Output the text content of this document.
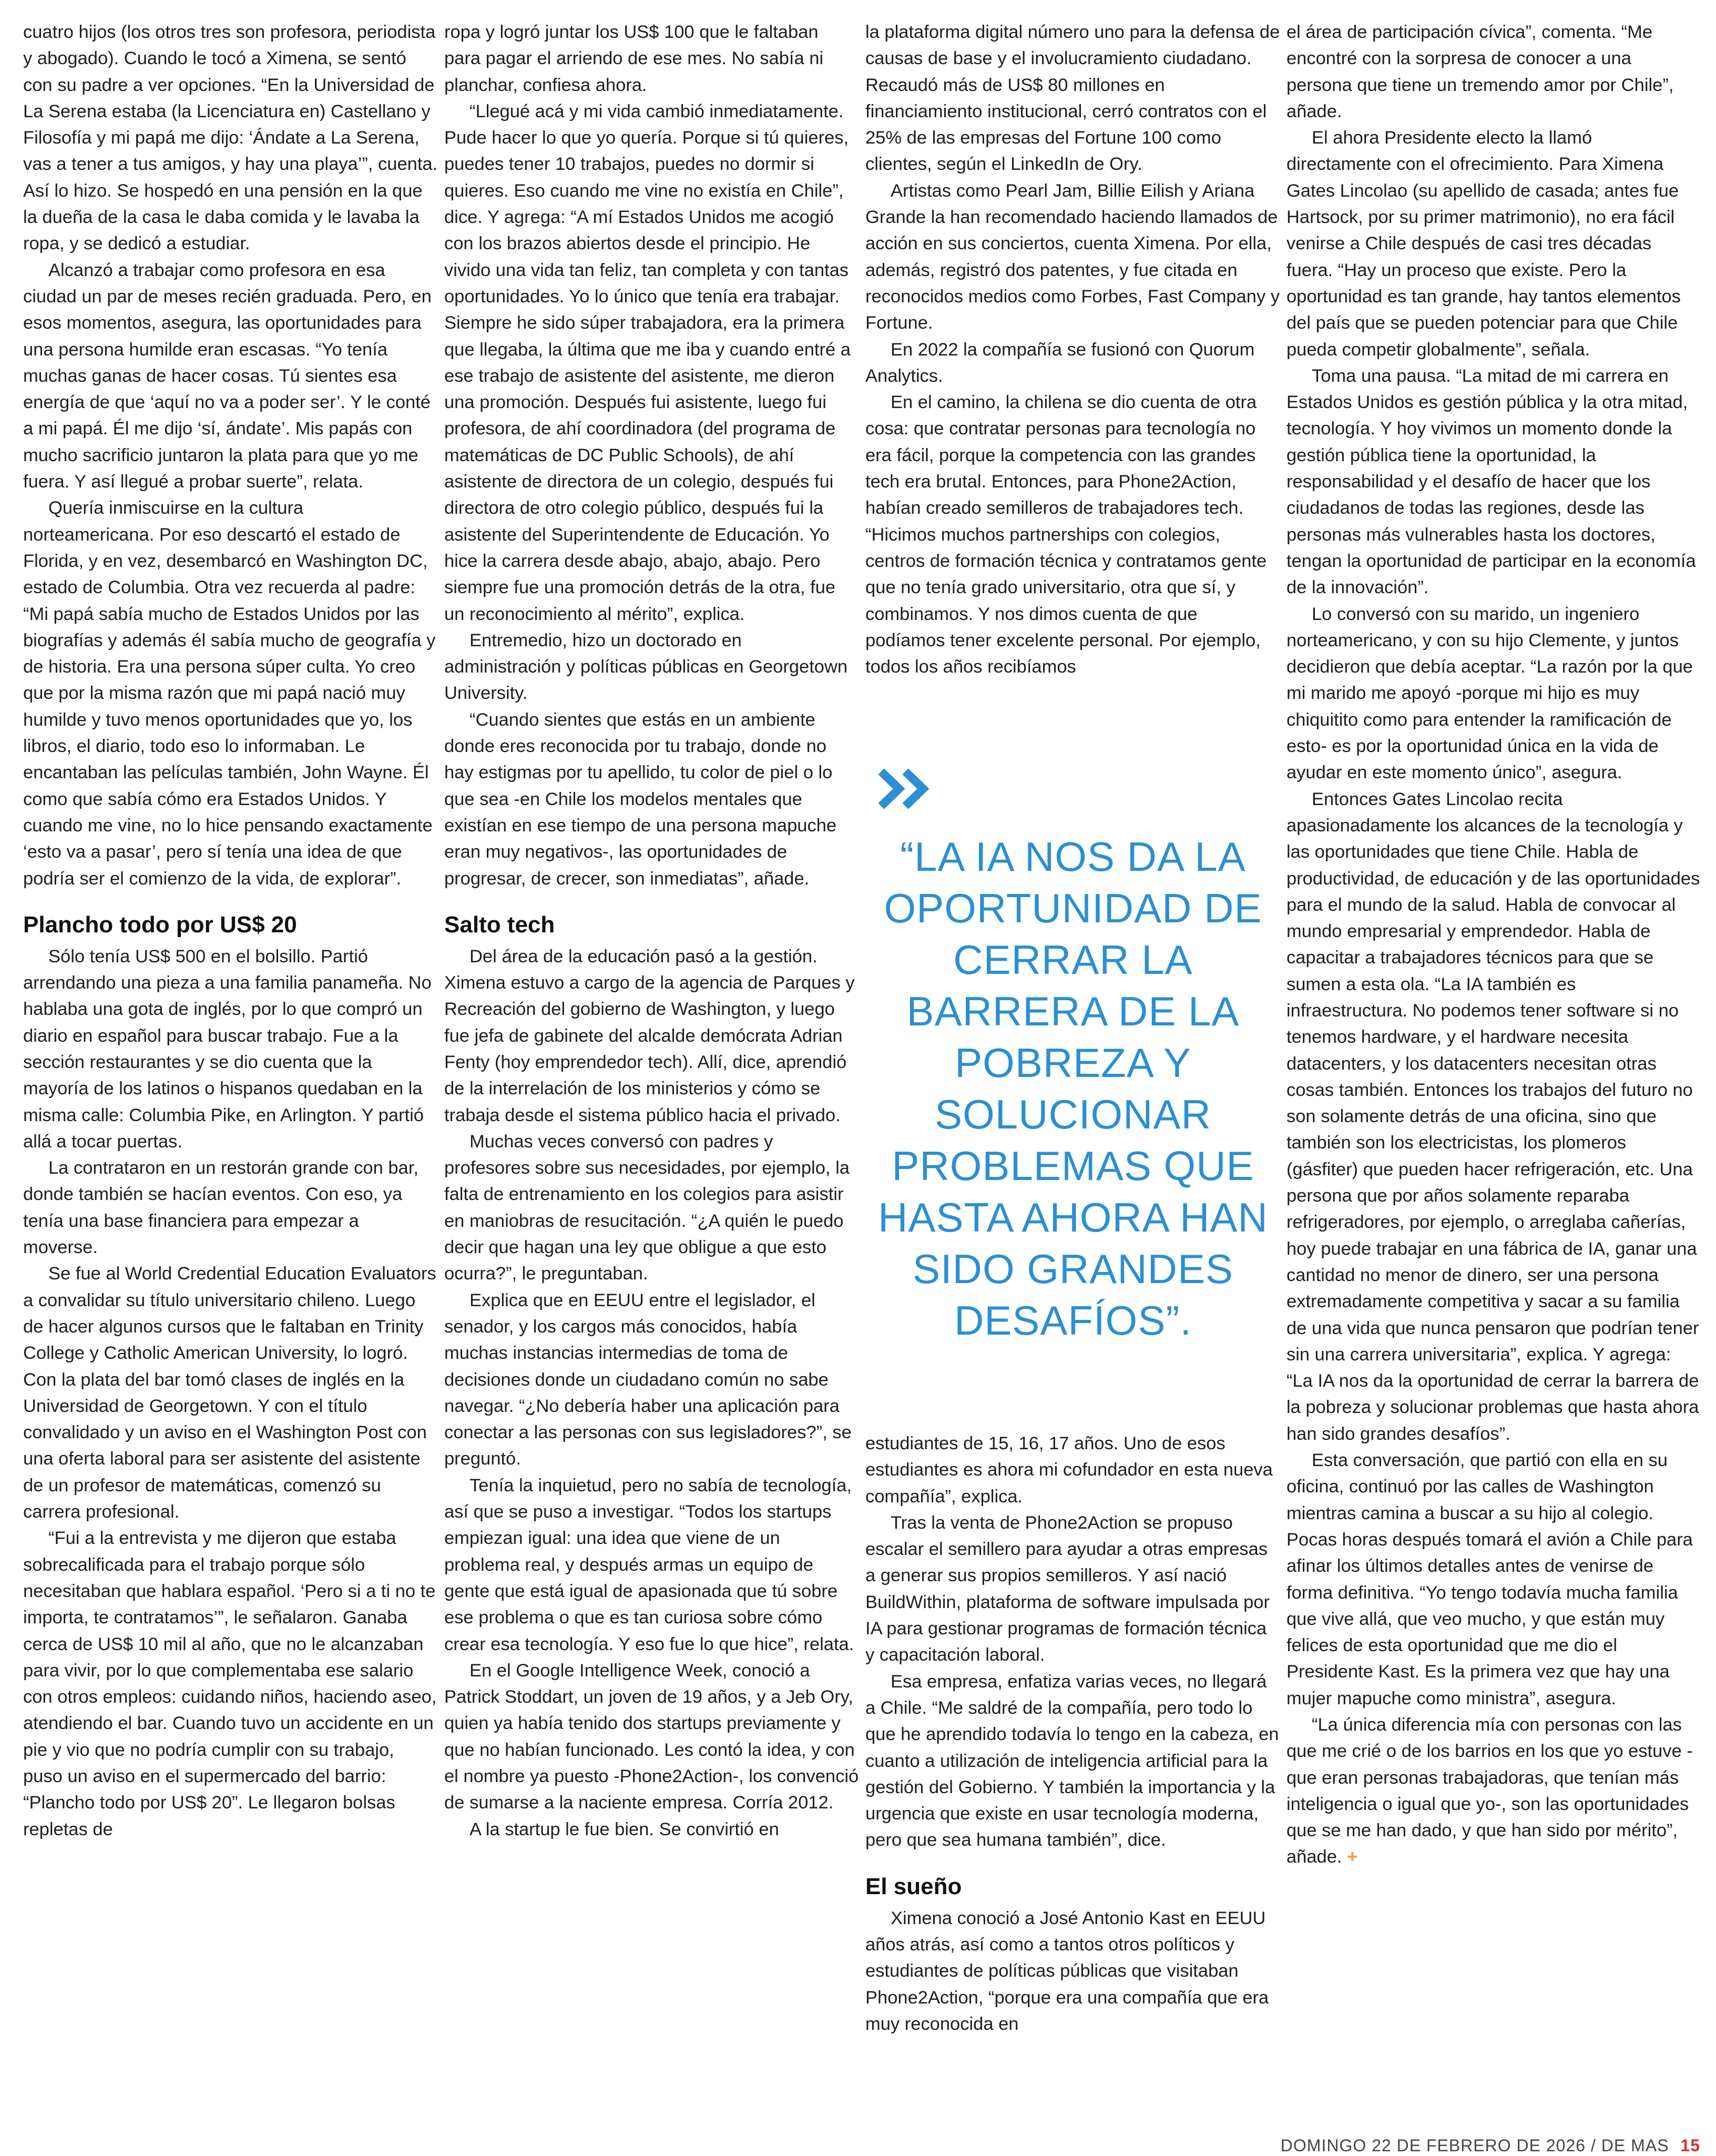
cuatro hijos (los otros tres son profesora, periodista y abogado). Cuando le tocó a Ximena, se sentó con su padre a ver opciones. “En la Universidad de La Serena estaba (la Licenciatura en) Castellano y Filosofía y mi papá me dijo: ‘Ándate a La Serena, vas a tener a tus amigos, y hay una playa’”, cuenta. Así lo hizo. Se hospedó en una pensión en la que la dueña de la casa le daba comida y le lavaba la ropa, y se dedicó a estudiar.

Alcanzó a trabajar como profesora en esa ciudad un par de meses recién graduada. Pero, en esos momentos, asegura, las oportunidades para una persona humilde eran escasas. “Yo tenía muchas ganas de hacer cosas. Tú sientes esa energía de que ‘aquí no va a poder ser’. Y le conté a mi papá. Él me dijo ‘sí, ándate’. Mis papás con mucho sacrificio juntaron la plata para que yo me fuera. Y así llegué a probar suerte”, relata.

Quería inmiscuirse en la cultura norteamericana. Por eso descartó el estado de Florida, y en vez, desembarcó en Washington DC, estado de Columbia. Otra vez recuerda al padre: “Mi papá sabía mucho de Estados Unidos por las biografías y además él sabía mucho de geografía y de historia. Era una persona súper culta. Yo creo que por la misma razón que mi papá nació muy humilde y tuvo menos oportunidades que yo, los libros, el diario, todo eso lo informaban. Le encantaban las películas también, John Wayne. Él como que sabía cómo era Estados Unidos. Y cuando me vine, no lo hice pensando exactamente ‘esto va a pasar’, pero sí tenía una idea de que podría ser el comienzo de la vida, de explorar”.

Plancho todo por US$ 20

Sólo tenía US$ 500 en el bolsillo. Partió arrendando una pieza a una familia panameña. No hablaba una gota de inglés, por lo que compró un diario en español para buscar trabajo. Fue a la sección restaurantes y se dio cuenta que la mayoría de los latinos o hispanos quedaban en la misma calle: Columbia Pike, en Arlington. Y partió allá a tocar puertas.

La contrataron en un restorán grande con bar, donde también se hacían eventos. Con eso, ya tenía una base financiera para empezar a moverse.

Se fue al World Credential Education Evaluators a convalidar su título universitario chileno. Luego de hacer algunos cursos que le faltaban en Trinity College y Catholic American University, lo logró. Con la plata del bar tomó clases de inglés en la Universidad de Georgetown. Y con el título convalidado y un aviso en el Washington Post con una oferta laboral para ser asistente del asistente de un profesor de matemáticas, comenzó su carrera profesional.

“Fui a la entrevista y me dijeron que estaba sobrecalificada para el trabajo porque sólo necesitaban que hablara español. ‘Pero si a ti no te importa, te contratamos’”, le señalaron. Ganaba cerca de US$ 10 mil al año, que no le alcanzaban para vivir, por lo que complementaba ese salario con otros empleos: cuidando niños, haciendo aseo, atendiendo el bar. Cuando tuvo un accidente en un pie y vio que no podría cumplir con su trabajo, puso un aviso en el supermercado del barrio: “Plancho todo por US$ 20”. Le llegaron bolsas repletas de

ropa y logró juntar los US$ 100 que le faltaban para pagar el arriendo de ese mes. No sabía ni planchar, confiesa ahora.

“Llegué acá y mi vida cambió inmediatamente. Pude hacer lo que yo quería. Porque si tú quieres, puedes tener 10 trabajos, puedes no dormir si quieres. Eso cuando me vine no existía en Chile”, dice. Y agrega: “A mí Estados Unidos me acogió con los brazos abiertos desde el principio. He vivido una vida tan feliz, tan completa y con tantas oportunidades. Yo lo único que tenía era trabajar. Siempre he sido súper trabajadora, era la primera que llegaba, la última que me iba y cuando entré a ese trabajo de asistente del asistente, me dieron una promoción. Después fui asistente, luego fui profesora, de ahí coordinadora (del programa de matemáticas de DC Public Schools), de ahí asistente de directora de un colegio, después fui directora de otro colegio público, después fui la asistente del Superintendente de Educación. Yo hice la carrera desde abajo, abajo, abajo. Pero siempre fue una promoción detrás de la otra, fue un reconocimiento al mérito”, explica.

Entremedio, hizo un doctorado en administración y políticas públicas en Georgetown University.

“Cuando sientes que estás en un ambiente donde eres reconocida por tu trabajo, donde no hay estigmas por tu apellido, tu color de piel o lo que sea -en Chile los modelos mentales que existían en ese tiempo de una persona mapuche eran muy negativos-, las oportunidades de progresar, de crecer, son inmediatas”, añade.

Salto tech

Del área de la educación pasó a la gestión. Ximena estuvo a cargo de la agencia de Parques y Recreación del gobierno de Washington, y luego fue jefa de gabinete del alcalde demócrata Adrian Fenty (hoy emprendedor tech). Allí, dice, aprendió de la interrelación de los ministerios y cómo se trabaja desde el sistema público hacia el privado.

Muchas veces conversó con padres y profesores sobre sus necesidades, por ejemplo, la falta de entrenamiento en los colegios para asistir en maniobras de resucitación. “¿A quién le puedo decir que hagan una ley que obligue a que esto ocurra?”, le preguntaban.

Explica que en EEUU entre el legislador, el senador, y los cargos más conocidos, había muchas instancias intermedias de toma de decisiones donde un ciudadano común no sabe navegar. “¿No debería haber una aplicación para conectar a las personas con sus legisladores?”, se preguntó.

Tenía la inquietud, pero no sabía de tecnología, así que se puso a investigar. “Todos los startups empiezan igual: una idea que viene de un problema real, y después armas un equipo de gente que está igual de apasionada que tú sobre ese problema o que es tan curiosa sobre cómo crear esa tecnología. Y eso fue lo que hice”, relata.

En el Google Intelligence Week, conoció a Patrick Stoddart, un joven de 19 años, y a Jeb Ory, quien ya había tenido dos startups previamente y que no habían funcionado. Les contó la idea, y con el nombre ya puesto -Phone2Action-, los convenció de sumarse a la naciente empresa. Corría 2012.

A la startup le fue bien. Se convirtió en

la plataforma digital número uno para la defensa de causas de base y el involucramiento ciudadano. Recaudó más de US$ 80 millones en financiamiento institucional, cerró contratos con el 25% de las empresas del Fortune 100 como clientes, según el LinkedIn de Ory.

Artistas como Pearl Jam, Billie Eilish y Ariana Grande la han recomendado haciendo llamados de acción en sus conciertos, cuenta Ximena. Por ella, además, registró dos patentes, y fue citada en reconocidos medios como Forbes, Fast Company y Fortune.

En 2022 la compañía se fusionó con Quorum Analytics.

En el camino, la chilena se dio cuenta de otra cosa: que contratar personas para tecnología no era fácil, porque la competencia con las grandes tech era brutal. Entonces, para Phone2Action, habían creado semilleros de trabajadores tech. “Hicimos muchos partnerships con colegios, centros de formación técnica y contratamos gente que no tenía grado universitario, otra que sí, y combinamos. Y nos dimos cuenta de que podíamos tener excelente personal. Por ejemplo, todos los años recibíamos

“LA IA NOS DA LA OPORTUNIDAD DE CERRAR LA BARRERA DE LA POBREZA Y SOLUCIONAR PROBLEMAS QUE HASTA AHORA HAN SIDO GRANDES DESAFÍOS”.

estudiantes de 15, 16, 17 años. Uno de esos estudiantes es ahora mi cofundador en esta nueva compañía”, explica.

Tras la venta de Phone2Action se propuso escalar el semillero para ayudar a otras empresas a generar sus propios semilleros. Y así nació BuildWithin, plataforma de software impulsada por IA para gestionar programas de formación técnica y capacitación laboral.

Esa empresa, enfatiza varias veces, no llegará a Chile. “Me saldré de la compañía, pero todo lo que he aprendido todavía lo tengo en la cabeza, en cuanto a utilización de inteligencia artificial para la gestión del Gobierno. Y también la importancia y la urgencia que existe en usar tecnología moderna, pero que sea humana también”, dice.

El sueño

Ximena conoció a José Antonio Kast en EEUU años atrás, así como a tantos otros políticos y estudiantes de políticas públicas que visitaban Phone2Action, “porque era una compañía que era muy reconocida en

el área de participación cívica”, comenta. “Me encontré con la sorpresa de conocer a una persona que tiene un tremendo amor por Chile”, añade.

El ahora Presidente electo la llamó directamente con el ofrecimiento. Para Ximena Gates Lincolao (su apellido de casada; antes fue Hartsock, por su primer matrimonio), no era fácil venirse a Chile después de casi tres décadas fuera. “Hay un proceso que existe. Pero la oportunidad es tan grande, hay tantos elementos del país que se pueden potenciar para que Chile pueda competir globalmente”, señala.

Toma una pausa. “La mitad de mi carrera en Estados Unidos es gestión pública y la otra mitad, tecnología. Y hoy vivimos un momento donde la gestión pública tiene la oportunidad, la responsabilidad y el desafío de hacer que los ciudadanos de todas las regiones, desde las personas más vulnerables hasta los doctores, tengan la oportunidad de participar en la economía de la innovación”.

Lo conversó con su marido, un ingeniero norteamericano, y con su hijo Clemente, y juntos decidieron que debía aceptar. “La razón por la que mi marido me apoyó -porque mi hijo es muy chiquitito como para entender la ramificación de esto- es por la oportunidad única en la vida de ayudar en este momento único”, asegura.

Entonces Gates Lincolao recita apasionadamente los alcances de la tecnología y las oportunidades que tiene Chile. Habla de productividad, de educación y de las oportunidades para el mundo de la salud. Habla de convocar al mundo empresarial y emprendedor. Habla de capacitar a trabajadores técnicos para que se sumen a esta ola. “La IA también es infraestructura. No podemos tener software si no tenemos hardware, y el hardware necesita datacenters, y los datacenters necesitan otras cosas también. Entonces los trabajos del futuro no son solamente detrás de una oficina, sino que también son los electricistas, los plomeros (gásfiter) que pueden hacer refrigeración, etc. Una persona que por años solamente reparaba refrigeradores, por ejemplo, o arreglaba cañerías, hoy puede trabajar en una fábrica de IA, ganar una cantidad no menor de dinero, ser una persona extremadamente competitiva y sacar a su familia de una vida que nunca pensaron que podrían tener sin una carrera universitaria”, explica. Y agrega: “La IA nos da la oportunidad de cerrar la barrera de la pobreza y solucionar problemas que hasta ahora han sido grandes desafíos”.

Esta conversación, que partió con ella en su oficina, continuó por las calles de Washington mientras camina a buscar a su hijo al colegio. Pocas horas después tomará el avión a Chile para afinar los últimos detalles antes de venirse de forma definitiva. “Yo tengo todavía mucha familia que vive allá, que veo mucho, y que están muy felices de esta oportunidad que me dio el Presidente Kast. Es la primera vez que hay una mujer mapuche como ministra”, asegura.

“La única diferencia mía con personas con las que me crié o de los barrios en los que yo estuve -que eran personas trabajadoras, que tenían más inteligencia o igual que yo-, son las oportunidades que se me han dado, y que han sido por mérito”, añade. +

DOMINGO 22 DE FEBRERO DE 2026 / DE MAS 15
